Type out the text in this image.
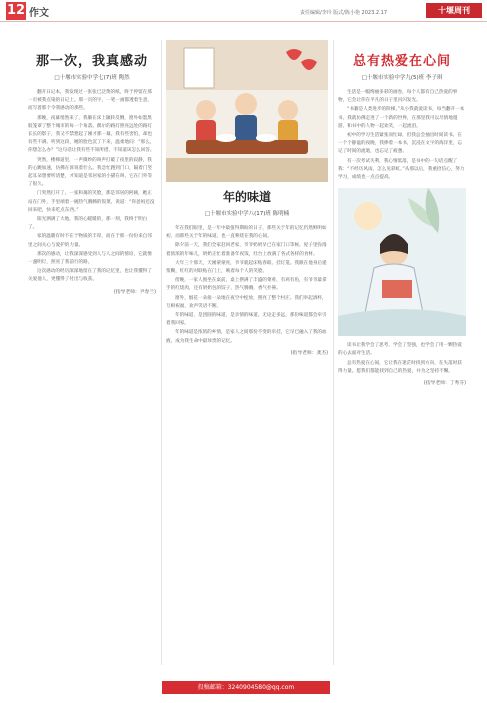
12 作文	责任编辑/李玲 版式/陈小艳 2023.2.17	十堰周刊
那一次，我真感动
□十堰市实验中学七(7)班 陶然

翻开日记本，我发现过一张张已泛黄的纸，终于停留在那一页被我点染的日记上。那一页的字，一笔一画都透着生意，而写着那个令我感动的那些。

那晚，夜幕悄然来了，我躺在床上辗转反侧，窗外如墨黑般笼罩了整个城市的每一个角落。偶尔的路灯照亮远处的路灯长长的影子，我又不禁想起了刚才那一幕，我有些害怕，却也有些不满。听到这段，她的脸色沉了下来，温柔地问：“那么，你想怎么办？”这句话让我有些不知所措，不知道该怎么回答。

突然，楼梯道里，一声微妙的叫声打破了夜里的寂静，我的心跳加速，仿佛在诉说着什么。我急忙跑到门口，隔着门竖起耳朵想要听清楚，才知道是邻居家的小猫在叫，它在门外等了很久。

门突然打开了，一张和蔼的笑脸，那是邻居的阿姨，她正站在门外，手里端着一碗热气腾腾的饭菜，说道：“你爸妈还没回来吧，快来吃点东西。”

阳光洒满了大地，我的心暖暖的，那一刻，我终于明白了。

家的温暖有时不在于物质的丰厚，而在于那一份份来自邻里之间关心与爱护的力量。

那次的感动，让我深深感受到人与人之间的情谊，它就像一盏明灯，照亮了我前行的路。

这次感动的经历深深地留在了我的记忆里，也让我懂得了关爱他人，更懂得了付出与收获。

(指导老师：尹春兰)
年的味道
□十堰市实验中学八(17)班 陈明楠

年在我们眼里，是一年中最值得期盼的日子，那些关于年的记忆仍然鲜明如初，而那些关于年的味道，也一直萦绕在我的心间。

除夕前一天，我们全家赶回老家，爷爷奶奶早已在家门口等候。屋子里弥漫着浓浓的年味儿，奶奶正忙着准备年夜饭，灶台上放满了各式各样的食材。

大年三十那天，天刚蒙蒙亮，爷爷就起床贴春联、挂灯笼。我跟在他身后递浆糊，红红的对联贴在门上，映着每个人的笑脸。

傍晚，一家人围坐在桌前，桌上摆满了丰盛的菜肴，有鸡有鱼，有爷爷最拿手的红烧肉，还有奶奶包的饺子，热气腾腾，香气扑鼻。

窗外，烟花一朵接一朵地在夜空中绽放，照亮了整个村庄。我们举起酒杯，互相祝福，欢声笑语不断。

年的味道，是团圆的味道，是亲情的味道。无论走多远，那份味道都会牵引着我回家。

年的味道是浓浓的乡情，是家人之间那份不变的牵挂，它早已融入了我的血液，成为我生命中最珍贵的记忆。

(指导老师：龚杰)
总有热爱在心间
□十堰市实验中学九(5)班 李子琪

生活是一幅绚丽多彩的画卷，每个人都有自己热爱的事物，它会让你在平凡的日子里闪闪发光。

“书籍是人类进步的阶梯。”从小我就爱读书，每当翻开一本书，我就仿佛走进了一个新的世界，在那里我可以尽情地遨游，和书中的人物一起欢笑，一起流泪。

初中的学习生活紧张而忙碌，但我总会抽出时间读书。在一个个静谧的夜晚，我捧着一本书，沉浸在文字的海洋里，忘记了时间的流逝，也忘记了疲惫。

有一次考试失利，我心情低落，是书中的一句话点醒了我：“不经历风雨，怎么见彩虹。”从那以后，我重拾信心，努力学习，成绩也一点点提高。

读书让我学会了思考，学会了坚强，也学会了用一颗热爱的心去面对生活。

总有热爱在心间，它让我在迷茫时找到方向，在失落时获得力量。愿我们都能找到自己的热爱，并为之坚持不懈。

(指导老师：丁秀芬)
投稿邮箱：3240904580@qq.com
